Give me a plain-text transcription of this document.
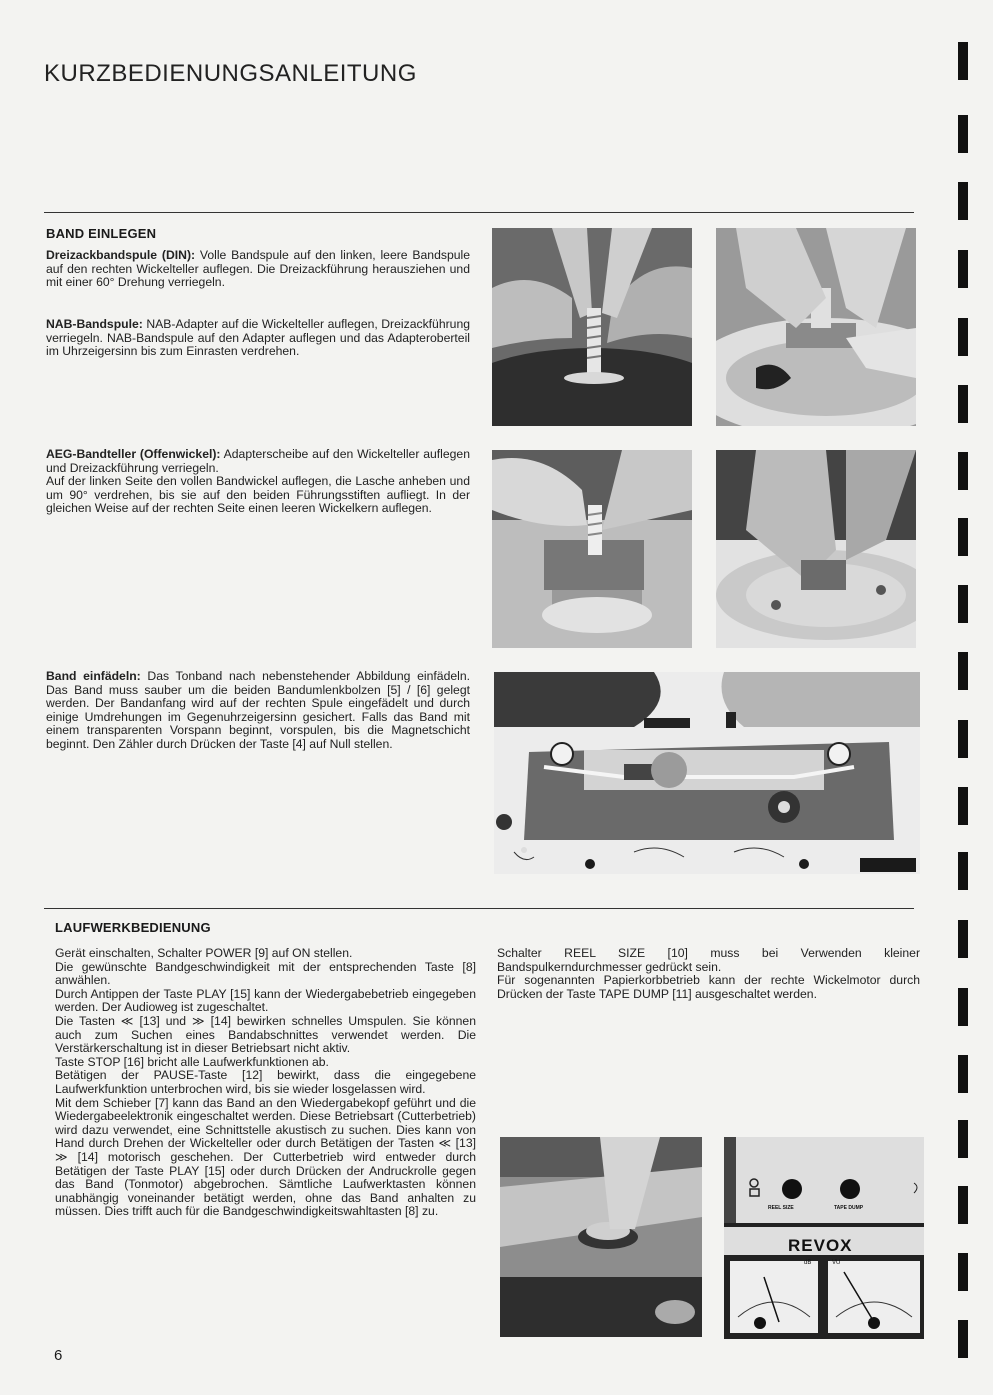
KURZBEDIENUNGSANLEITUNG
BAND EINLEGEN
Dreizackbandspule (DIN): Volle Bandspule auf den linken, leere Bandspule auf den rechten Wickelteller auflegen. Die Dreizackführung herausziehen und mit einer 60° Drehung verriegeln.
NAB-Bandspule: NAB-Adapter auf die Wickelteller auflegen, Dreizackführung verriegeln. NAB-Bandspule auf den Adapter auflegen und das Adapteroberteil im Uhrzeigersinn bis zum Einrasten verdrehen.
AEG-Bandteller (Offenwickel): Adapterscheibe auf den Wickelteller auflegen und Dreizackführung verriegeln.
Auf der linken Seite den vollen Bandwickel auflegen, die Lasche anheben und um 90° verdrehen, bis sie auf den beiden Führungsstiften aufliegt. In der gleichen Weise auf der rechten Seite einen leeren Wickelkern auflegen.
Band einfädeln: Das Tonband nach nebenstehender Abbildung einfädeln. Das Band muss sauber um die beiden Bandumlenkbolzen [5] / [6] gelegt werden. Der Bandanfang wird auf der rechten Spule eingefädelt und durch einige Umdrehungen im Gegenuhrzeigersinn gesichert. Falls das Band mit einem transparenten Vorspann beginnt, vorspulen, bis die Magnetschicht beginnt. Den Zähler durch Drücken der Taste [4] auf Null stellen.
LAUFWERKBEDIENUNG
Gerät einschalten, Schalter POWER [9] auf ON stellen.
Die gewünschte Bandgeschwindigkeit mit der entsprechenden Taste [8] anwählen.
Durch Antippen der Taste PLAY [15] kann der Wiedergabebetrieb eingegeben werden. Der Audioweg ist zugeschaltet.
Die Tasten ≪ [13] und ≫ [14] bewirken schnelles Umspulen. Sie können auch zum Suchen eines Bandabschnittes verwendet werden. Die Verstärkerschaltung ist in dieser Betriebsart nicht aktiv.
Taste STOP [16] bricht alle Laufwerkfunktionen ab.
Betätigen der PAUSE-Taste [12] bewirkt, dass die eingegebene Laufwerkfunktion unterbrochen wird, bis sie wieder losgelassen wird.
Mit dem Schieber [7] kann das Band an den Wiedergabekopf geführt und die Wiedergabeelektronik eingeschaltet werden. Diese Betriebsart (Cutterbetrieb) wird dazu verwendet, eine Schnittstelle akustisch zu suchen. Dies kann von Hand durch Drehen der Wickelteller oder durch Betätigen der Tasten ≪ [13] ≫ [14] motorisch geschehen. Der Cutterbetrieb wird entweder durch Betätigen der Taste PLAY [15] oder durch Drücken der Andruckrolle gegen das Band (Tonmotor) abgebrochen. Sämtliche Laufwerktasten können unabhängig voneinander betätigt werden, ohne das Band anhalten zu müssen. Dies trifft auch für die Bandgeschwindigkeitswahltasten [8] zu.
Schalter REEL SIZE [10] muss bei Verwenden kleiner Bandspulkerndurchmesser gedrückt sein.
Für sogenannten Papierkorbbetrieb kann der rechte Wickelmotor durch Drücken der Taste TAPE DUMP [11] ausgeschaltet werden.
REEL SIZE	TAPE DUMP
REVOX
dB	VU
6
